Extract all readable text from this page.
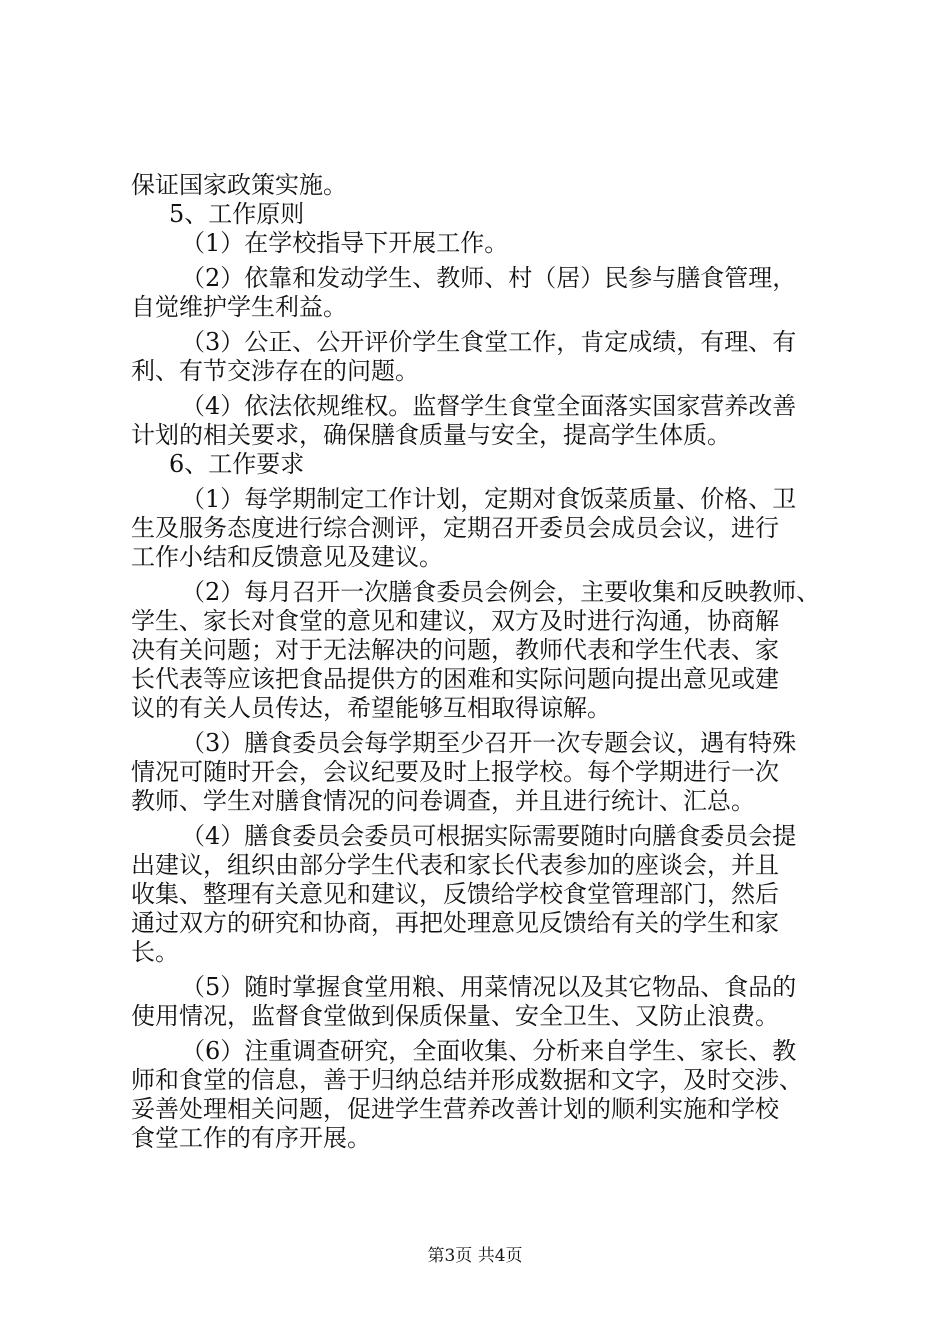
保证国家政策实施。
5、工作原则
（1）在学校指导下开展工作。
（2）依靠和发动学生、教师、村（居）民参与膳食管理，
自觉维护学生利益。
（3）公正、公开评价学生食堂工作，肯定成绩，有理、有
利、有节交涉存在的问题。
（4）依法依规维权。监督学生食堂全面落实国家营养改善
计划的相关要求，确保膳食质量与安全，提高学生体质。
6、工作要求
（1）每学期制定工作计划，定期对食饭菜质量、价格、卫
生及服务态度进行综合测评，定期召开委员会成员会议，进行
工作小结和反馈意见及建议。
（2）每月召开一次膳食委员会例会，主要收集和反映教师、
学生、家长对食堂的意见和建议，双方及时进行沟通，协商解
决有关问题；对于无法解决的问题，教师代表和学生代表、家
长代表等应该把食品提供方的困难和实际问题向提出意见或建
议的有关人员传达，希望能够互相取得谅解。
（3）膳食委员会每学期至少召开一次专题会议，遇有特殊
情况可随时开会，会议纪要及时上报学校。每个学期进行一次
教师、学生对膳食情况的问卷调查，并且进行统计、汇总。
（4）膳食委员会委员可根据实际需要随时向膳食委员会提
出建议，组织由部分学生代表和家长代表参加的座谈会，并且
收集、整理有关意见和建议，反馈给学校食堂管理部门，然后
通过双方的研究和协商，再把处理意见反馈给有关的学生和家
长。
（5）随时掌握食堂用粮、用菜情况以及其它物品、食品的
使用情况，监督食堂做到保质保量、安全卫生、又防止浪费。
（6）注重调查研究，全面收集、分析来自学生、家长、教
师和食堂的信息，善于归纳总结并形成数据和文字，及时交涉、
妥善处理相关问题，促进学生营养改善计划的顺利实施和学校
食堂工作的有序开展。
第3页 共4页
